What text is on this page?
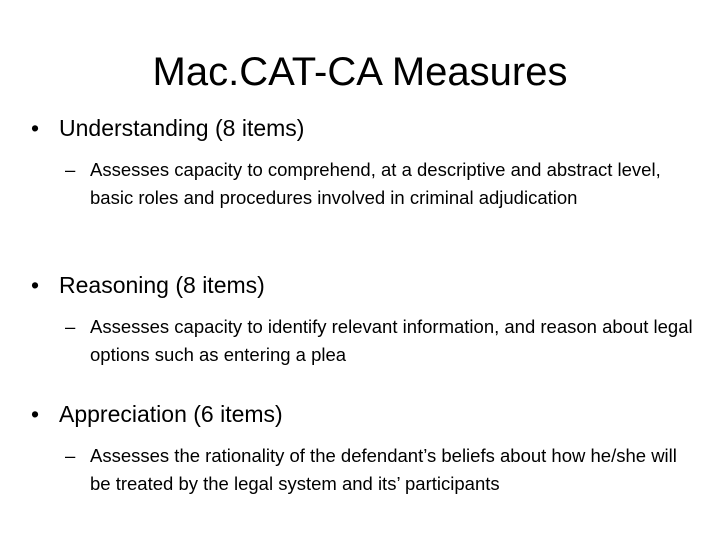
Mac.CAT-CA Measures
• Understanding (8 items)
– Assesses capacity to comprehend, at a descriptive and abstract level, basic roles and procedures involved in criminal adjudication
• Reasoning (8 items)
– Assesses capacity to identify relevant information, and reason about legal options such as entering a plea
• Appreciation (6 items)
– Assesses the rationality of the defendant’s beliefs about how he/she will be treated by the legal system and its’ participants
